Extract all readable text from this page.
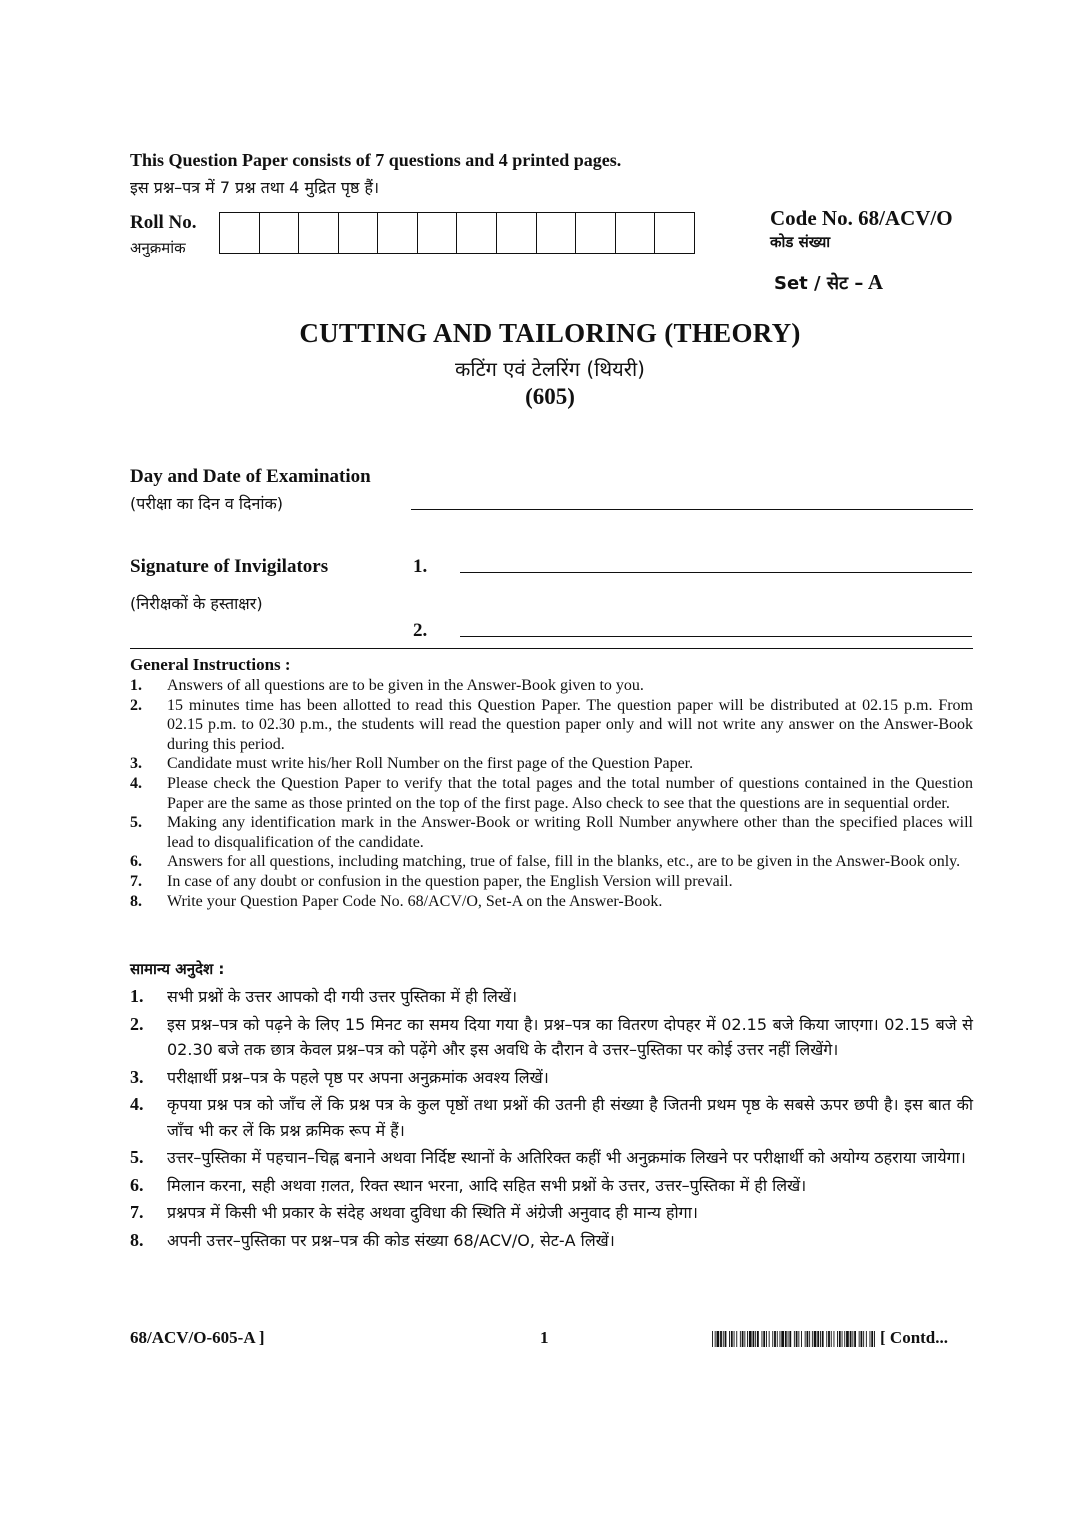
This Question Paper consists of 7 questions and 4 printed pages.
इस प्रश्न–पत्र में 7 प्रश्न तथा 4 मुद्रित पृष्ठ हैं।
Roll No.
अनुक्रमांक
Code No. 68/ACV/O
कोड संख्या
Set / सेट – A
CUTTING AND TAILORING (THEORY)
कटिंग एवं टेलरिंग (थियरी)
(605)
Day and Date of Examination
(परीक्षा का दिन व दिनांक)
Signature of Invigilators
(निरीक्षकों के हस्ताक्षर)
1.
2.
General Instructions :
1.	Answers of all questions are to be given in the Answer-Book given to you.
2.	15 minutes time has been allotted to read this Question Paper. The question paper will be distributed at 02.15 p.m. From 02.15 p.m. to 02.30 p.m., the students will read the question paper only and will not write any answer on the Answer-Book during this period.
3.	Candidate must write his/her Roll Number on the first page of the Question Paper.
4.	Please check the Question Paper to verify that the total pages and the total number of questions contained in the Question Paper are the same as those printed on the top of the first page. Also check to see that the questions are in sequential order.
5.	Making any identification mark in the Answer-Book or writing Roll Number anywhere other than the specified places will lead to disqualification of the candidate.
6.	Answers for all questions, including matching, true of false, fill in the blanks, etc., are to be given in the Answer-Book only.
7.	In case of any doubt or confusion in the question paper, the English Version will prevail.
8.	Write your Question Paper Code No. 68/ACV/O, Set-A on the Answer-Book.
सामान्य अनुदेश :
1.	सभी प्रश्नों के उत्तर आपको दी गयी उत्तर पुस्तिका में ही लिखें।
2.	इस प्रश्न–पत्र को पढ़ने के लिए 15 मिनट का समय दिया गया है। प्रश्न–पत्र का वितरण दोपहर में 02.15 बजे किया जाएगा। 02.15 बजे से 02.30 बजे तक छात्र केवल प्रश्न–पत्र को पढ़ेंगे और इस अवधि के दौरान वे उत्तर–पुस्तिका पर कोई उत्तर नहीं लिखेंगे।
3.	परीक्षार्थी प्रश्न–पत्र के पहले पृष्ठ पर अपना अनुक्रमांक अवश्य लिखें।
4.	कृपया प्रश्न पत्र को जाँच लें कि प्रश्न पत्र के कुल पृष्ठों तथा प्रश्नों की उतनी ही संख्या है जितनी प्रथम पृष्ठ के सबसे ऊपर छपी है। इस बात की जाँच भी कर लें कि प्रश्न क्रमिक रूप में हैं।
5.	उत्तर–पुस्तिका में पहचान–चिह्न बनाने अथवा निर्दिष्ट स्थानों के अतिरिक्त कहीं भी अनुक्रमांक लिखने पर परीक्षार्थी को अयोग्य ठहराया जायेगा।
6.	मिलान करना, सही अथवा ग़लत, रिक्त स्थान भरना, आदि सहित सभी प्रश्नों के उत्तर, उत्तर–पुस्तिका में ही लिखें।
7.	प्रश्नपत्र में किसी भी प्रकार के संदेह अथवा दुविधा की स्थिति में अंग्रेजी अनुवाद ही मान्य होगा।
8.	अपनी उत्तर–पुस्तिका पर प्रश्न–पत्र की कोड संख्या 68/ACV/O, सेट-A लिखें।
68/ACV/O-605-A ]	1	[ Contd...
